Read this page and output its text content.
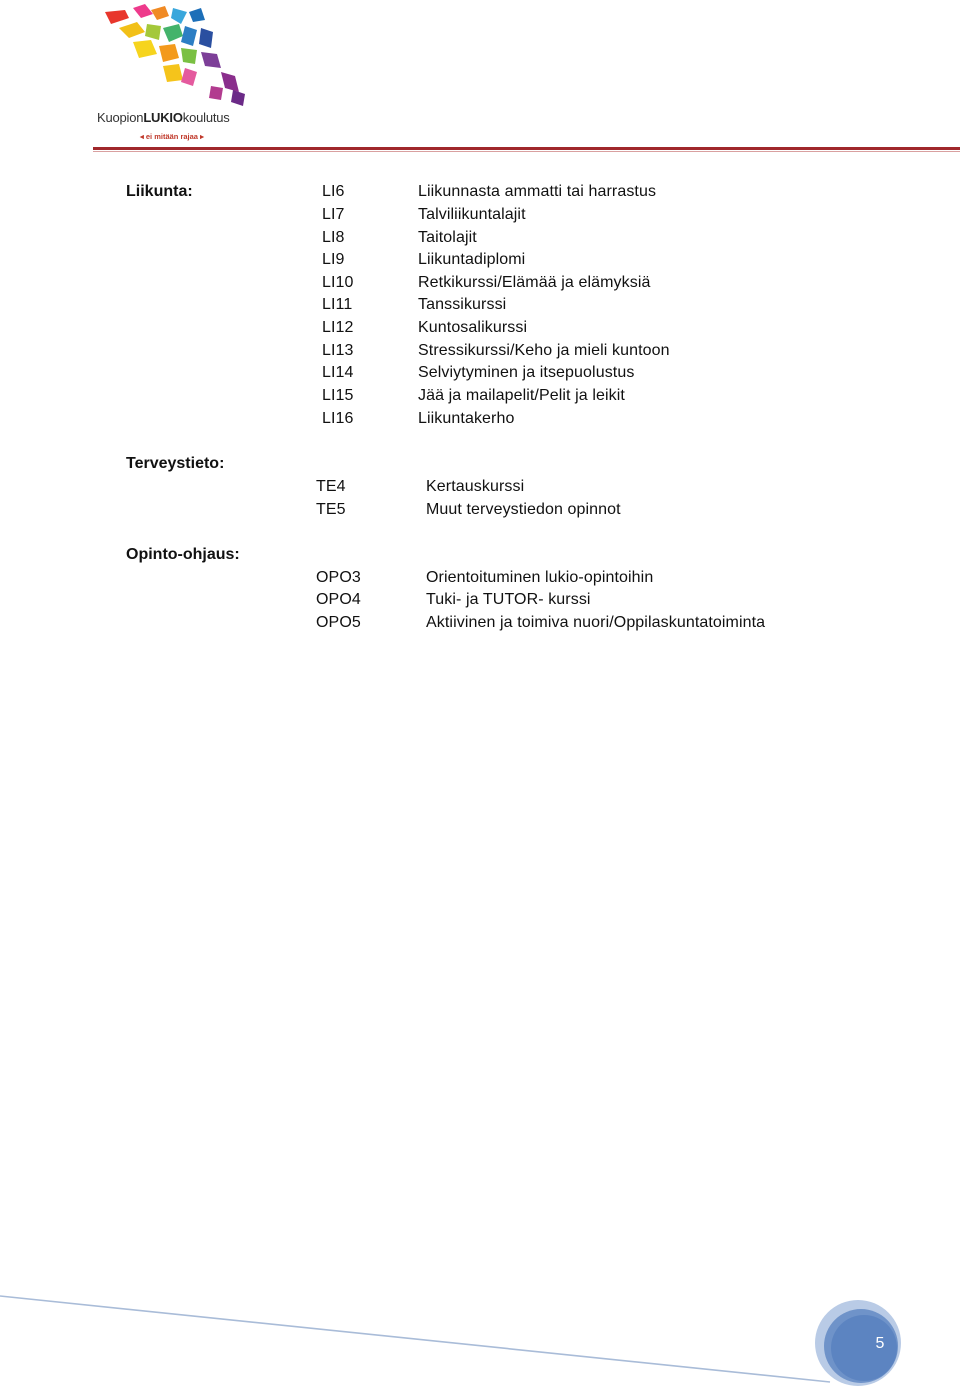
KuopionLUKIOkoulutus
◂ ei mitään rajaa ▸
Liikunta:	LI6	Liikunnasta ammatti tai harrastus
LI7	Talviliikuntalajit
LI8	Taitolajit
LI9	Liikuntadiplomi
LI10	Retkikurssi/Elämää ja elämyksiä
LI11	Tanssikurssi
LI12	Kuntosalikurssi
LI13	Stressikurssi/Keho ja mieli kuntoon
LI14	Selviytyminen ja itsepuolustus
LI15	Jää ja mailapelit/Pelit ja leikit
LI16	Liikuntakerho
Terveystieto:
TE4	Kertauskurssi
TE5	Muut terveystiedon opinnot
Opinto-ohjaus:
OPO3	Orientoituminen lukio-opintoihin
OPO4	Tuki- ja TUTOR- kurssi
OPO5	Aktiivinen ja toimiva nuori/Oppilaskuntatoiminta
5
